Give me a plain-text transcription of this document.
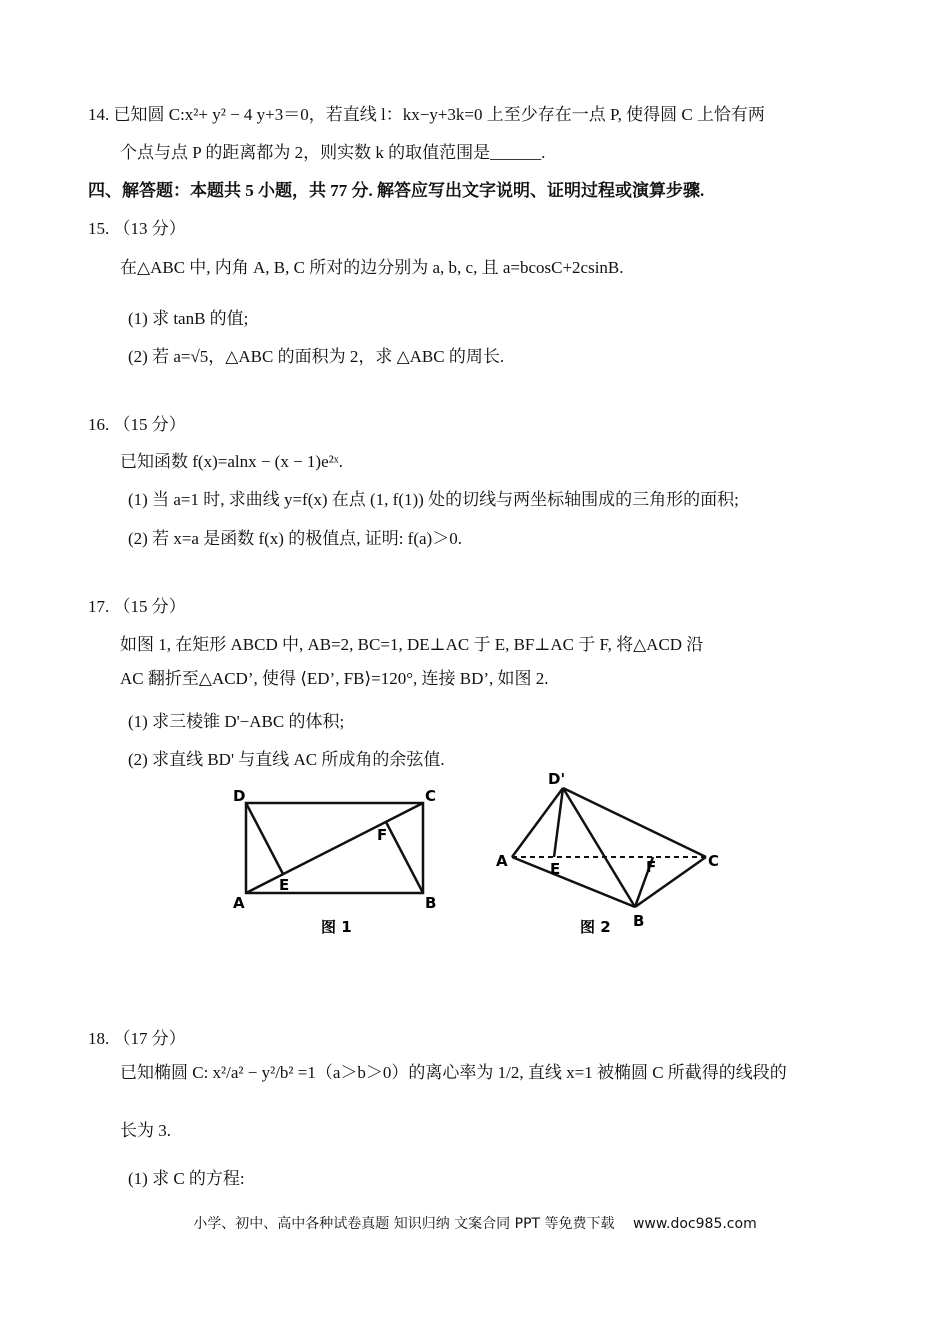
14. 已知圆 C:x²+ y² − 4 y+3＝0，若直线 l：kx−y+3k=0 上至少存在一点 P, 使得圆 C 上恰有两
个点与点 P 的距离都为 2，则实数 k 的取值范围是______.
四、解答题：本题共 5 小题，共 77 分. 解答应写出文字说明、证明过程或演算步骤.
15. （13 分）
在△ABC 中, 内角 A, B, C 所对的边分别为 a, b, c, 且 a=bcosC+2csinB.
(1) 求 tanB 的值;
(2) 若 a=√5，△ABC 的面积为 2，求 △ABC 的周长.
16. （15 分）
已知函数 f(x)=alnx − (x − 1)e²ˣ.
(1) 当 a=1 时, 求曲线 y=f(x) 在点 (1, f(1)) 处的切线与两坐标轴围成的三角形的面积;
(2) 若 x=a 是函数 f(x) 的极值点, 证明: f(a)＞0.
17. （15 分）
如图 1, 在矩形 ABCD 中, AB=2, BC=1, DE⊥AC 于 E, BF⊥AC 于 F, 将△ACD 沿
AC 翻折至△ACD’, 使得 ⟨ED’, FB⟩=120°, 连接 BD’, 如图 2.
(1) 求三棱锥 D'−ABC 的体积;
(2) 求直线 BD' 与直线 AC 所成角的余弦值.
D	C
A	B
E
F
图 1
D'
A	C
B
E	F
图 2
18. （17 分）
已知椭圆 C: x²/a² − y²/b² =1（a＞b＞0）的离心率为 1/2, 直线 x=1 被椭圆 C 所截得的线段的
长为 3.
(1) 求 C 的方程:
小学、初中、高中各种试卷真题 知识归纳 文案合同 PPT 等免费下载　 www.doc985.com
